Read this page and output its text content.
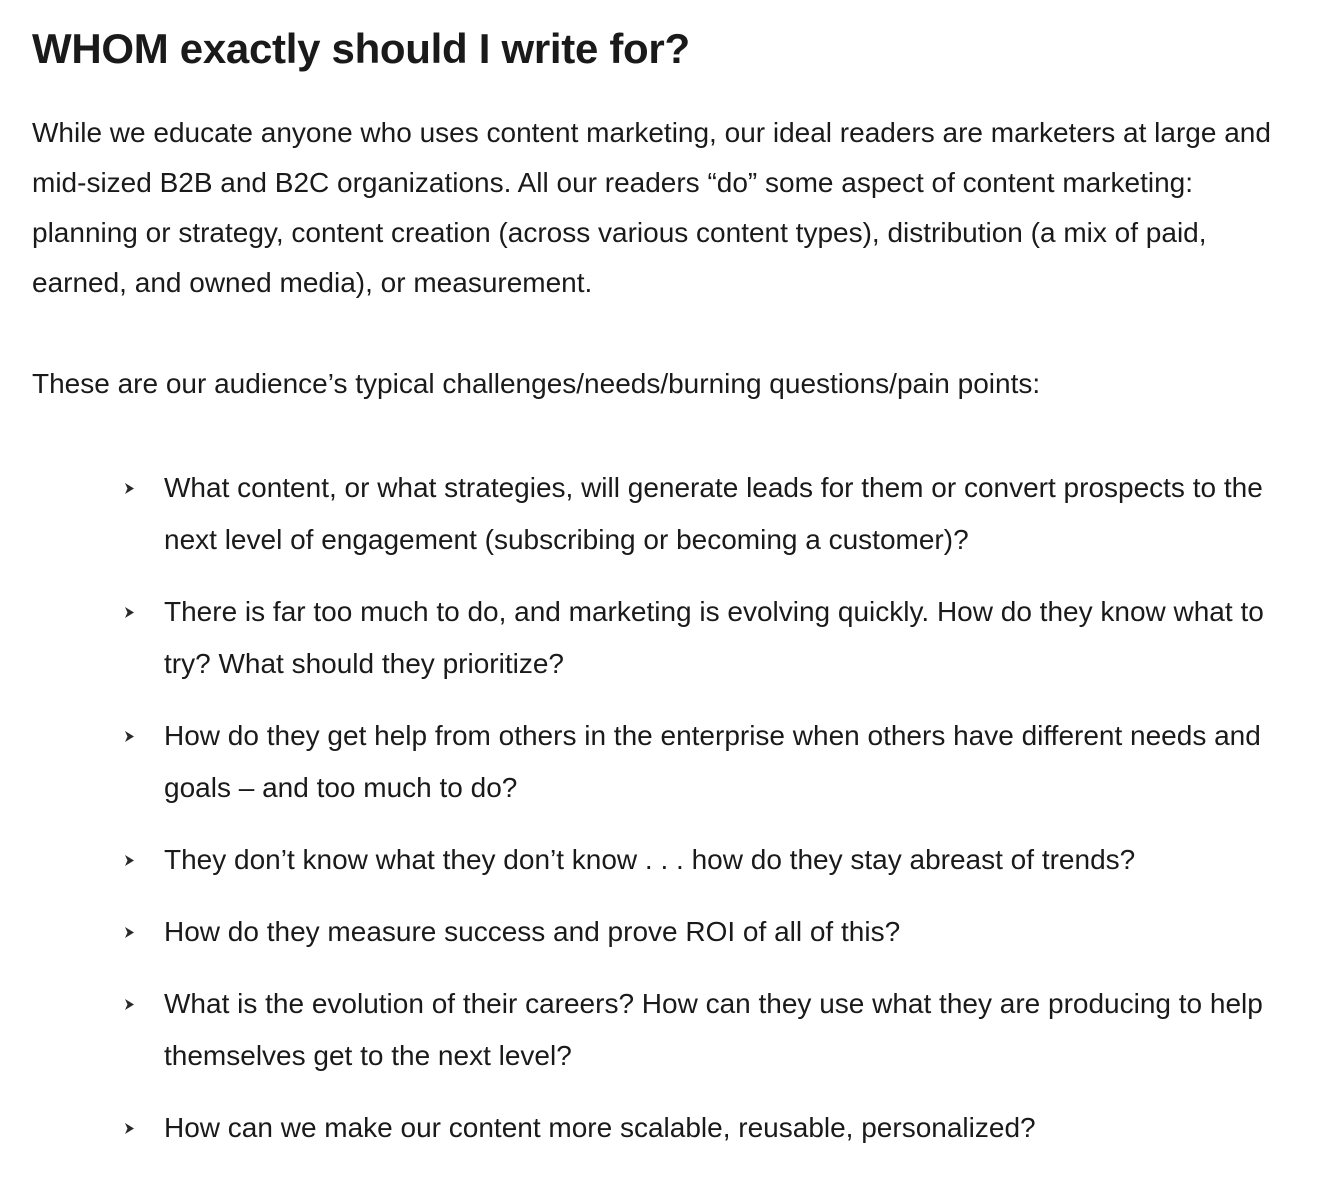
WHOM exactly should I write for?

While we educate anyone who uses content marketing, our ideal readers are marketers at large and mid-sized B2B and B2C organizations. All our readers “do” some aspect of content marketing: planning or strategy, content creation (across various content types), distribution (a mix of paid, earned, and owned media), or measurement.

These are our audience’s typical challenges/needs/burning questions/pain points:

What content, or what strategies, will generate leads for them or convert prospects to the next level of engagement (subscribing or becoming a customer)?
There is far too much to do, and marketing is evolving quickly. How do they know what to try? What should they prioritize?
How do they get help from others in the enterprise when others have different needs and goals – and too much to do?
They don’t know what they don’t know . . . how do they stay abreast of trends?
How do they measure success and prove ROI of all of this?
What is the evolution of their careers? How can they use what they are producing to help themselves get to the next level?
How can we make our content more scalable, reusable, personalized?
